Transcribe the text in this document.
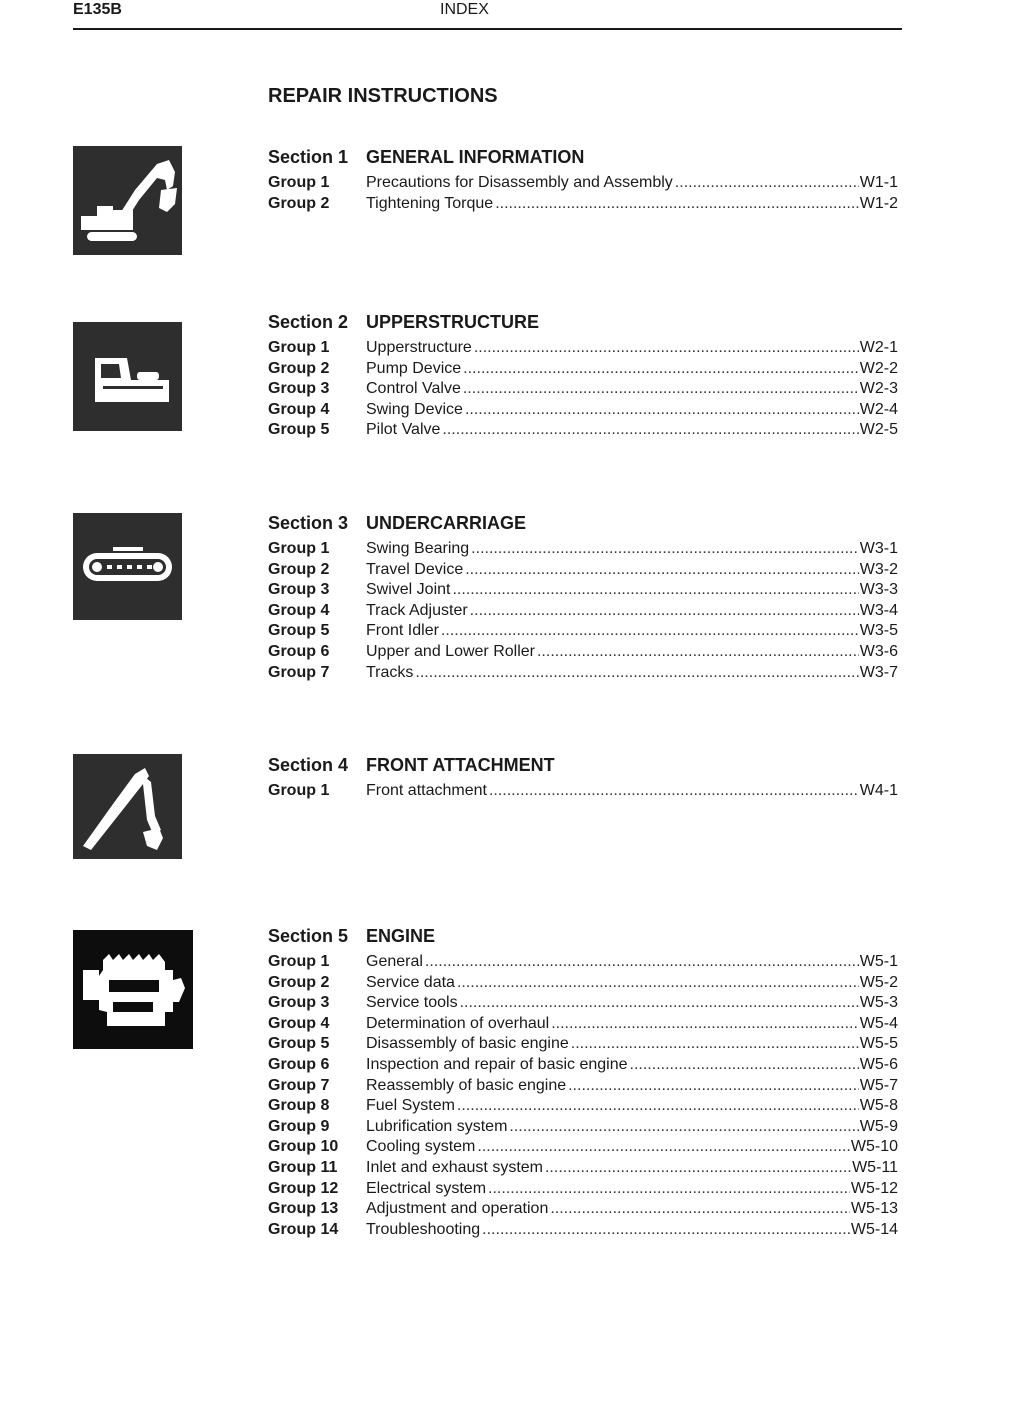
E135B	INDEX
REPAIR INSTRUCTIONS
Section 1 GENERAL INFORMATION
Group 1 Precautions for Disassembly and Assembly .....	W1-1
Group 2 Tightening Torque .....	W1-2
Section 2 UPPERSTRUCTURE
Group 1 Upperstructure .....	W2-1
Group 2 Pump Device .....	W2-2
Group 3 Control Valve .....	W2-3
Group 4 Swing Device .....	W2-4
Group 5 Pilot Valve .....	W2-5
Section 3 UNDERCARRIAGE
Group 1 Swing Bearing .....	W3-1
Group 2 Travel Device .....	W3-2
Group 3 Swivel Joint .....	W3-3
Group 4 Track Adjuster .....	W3-4
Group 5 Front Idler .....	W3-5
Group 6 Upper and Lower Roller .....	W3-6
Group 7 Tracks .....	W3-7
Section 4 FRONT ATTACHMENT
Group 1 Front attachment .....	W4-1
Section 5 ENGINE
Group 1 General .....	W5-1
Group 2 Service data .....	W5-2
Group 3 Service tools .....	W5-3
Group 4 Determination of overhaul .....	W5-4
Group 5 Disassembly of basic engine .....	W5-5
Group 6 Inspection and repair of basic engine .....	W5-6
Group 7 Reassembly of basic engine .....	W5-7
Group 8 Fuel System .....	W5-8
Group 9 Lubrification system .....	W5-9
Group 10 Cooling system .....	W5-10
Group 11 Inlet and exhaust system .....	W5-11
Group 12 Electrical system .....	W5-12
Group 13 Adjustment and operation .....	W5-13
Group 14 Troubleshooting .....	W5-14
